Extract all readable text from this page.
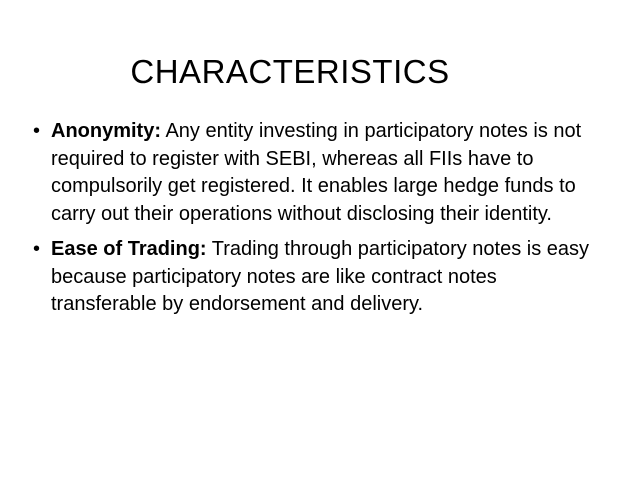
CHARACTERISTICS
• Anonymity: Any entity investing in participatory notes is not required to register with SEBI, whereas all FIIs have to compulsorily get registered. It enables large hedge funds to carry out their operations without disclosing their identity.
• Ease of Trading: Trading through participatory notes is easy because participatory notes are like contract notes transferable by endorsement and delivery.
